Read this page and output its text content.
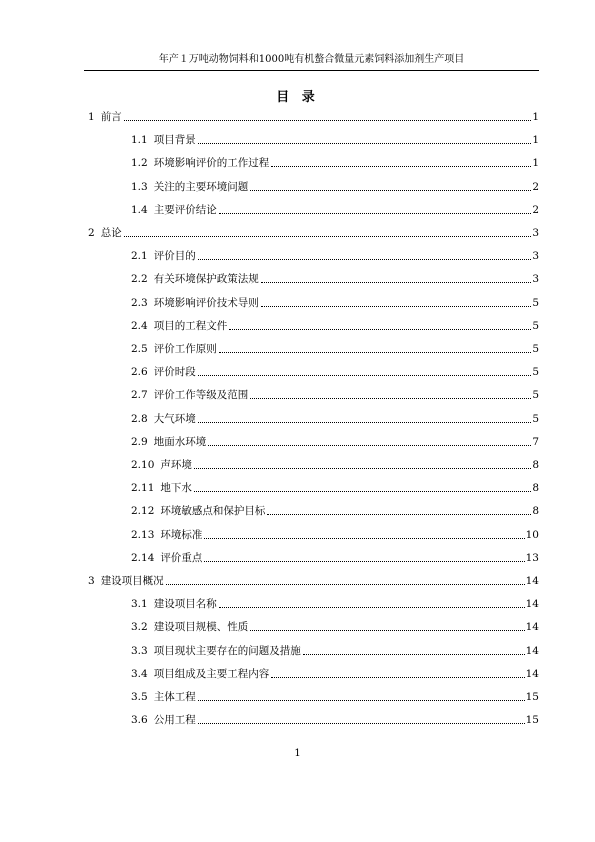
年产１万吨动物饲料和1000吨有机螯合微量元素饲料添加剂生产项目
目 录
1 前言	1
1.1 项目背景	1
1.2 环境影响评价的工作过程	1
1.3 关注的主要环境问题	2
1.4 主要评价结论	2
2 总论	3
2.1 评价目的	3
2.2 有关环境保护政策法规	3
2.3 环境影响评价技术导则	5
2.4 项目的工程文件	5
2.5 评价工作原则	5
2.6 评价时段	5
2.7 评价工作等级及范围	5
2.8 大气环境	5
2.9 地面水环境	7
2.10 声环境	8
2.11 地下水	8
2.12 环境敏感点和保护目标	8
2.13 环境标准	10
2.14 评价重点	13
3 建设项目概况	14
3.1 建设项目名称	14
3.2 建设项目规模、性质	14
3.3 项目现状主要存在的问题及措施	14
3.4 项目组成及主要工程内容	14
3.5 主体工程	15
3.6 公用工程	15
1
